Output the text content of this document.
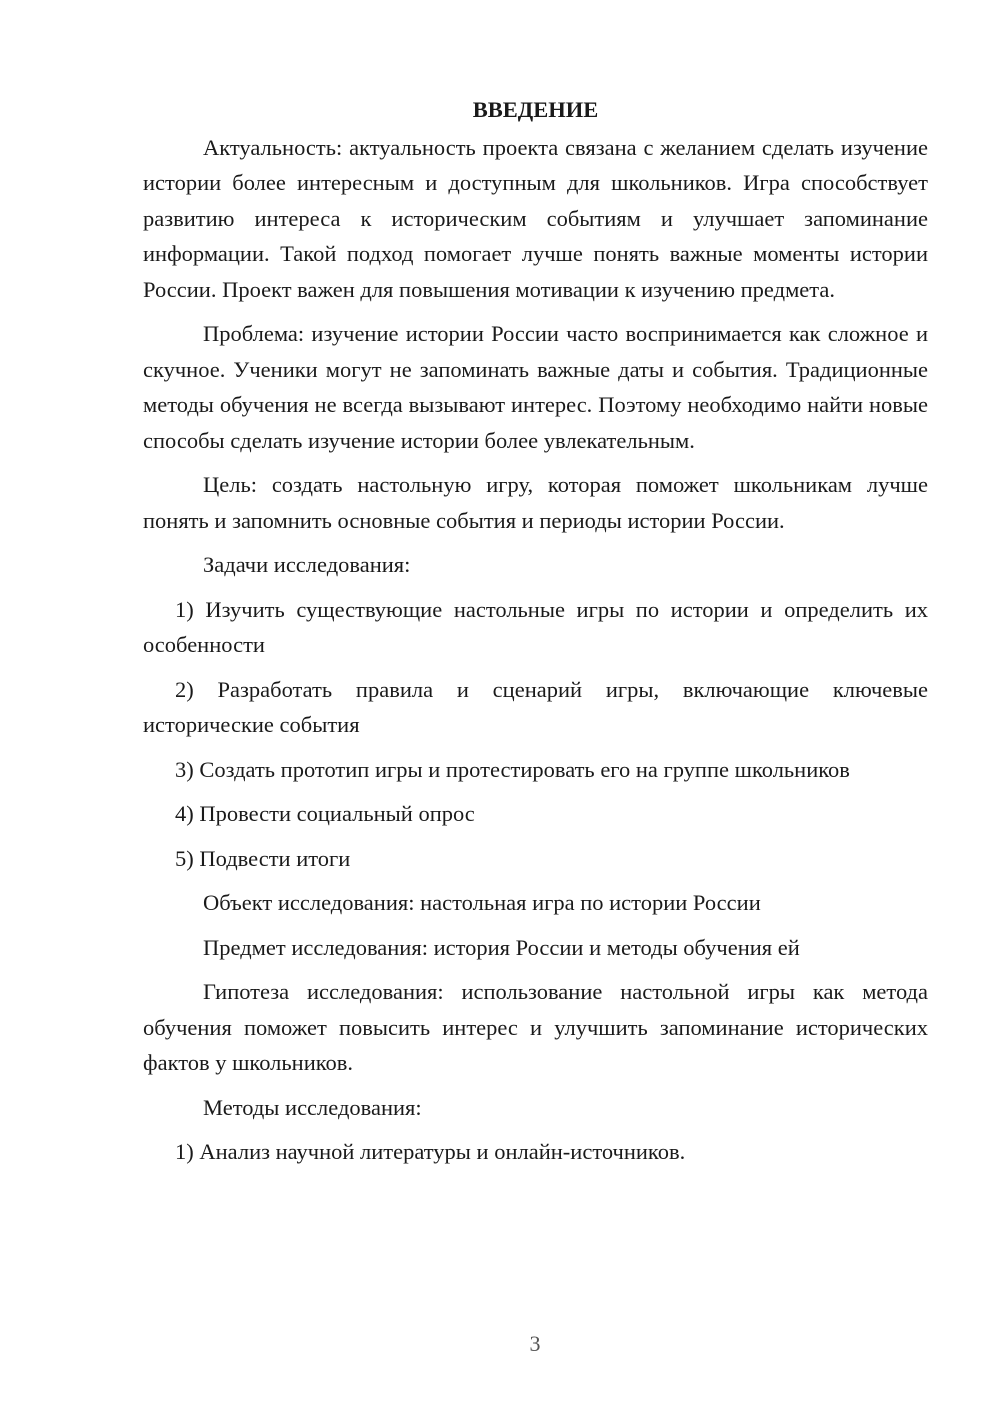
ВВЕДЕНИЕ

Актуальность: актуальность проекта связана с желанием сделать изучение истории более интересным и доступным для школьников. Игра способствует развитию интереса к историческим событиям и улучшает запоминание информации. Такой подход помогает лучше понять важные моменты истории России. Проект важен для повышения мотивации к изучению предмета.

Проблема: изучение истории России часто воспринимается как сложное и скучное. Ученики могут не запоминать важные даты и события. Традиционные методы обучения не всегда вызывают интерес. Поэтому необходимо найти новые способы сделать изучение истории более увлекательным.

Цель: создать настольную игру, которая поможет школьникам лучше понять и запомнить основные события и периоды истории России.

Задачи исследования:

1) Изучить существующие настольные игры по истории и определить их особенности

2) Разработать правила и сценарий игры, включающие ключевые исторические события

3) Создать прототип игры и протестировать его на группе школьников

4) Провести социальный опрос

5) Подвести итоги

Объект исследования: настольная игра по истории России

Предмет исследования: история России и методы обучения ей

Гипотеза исследования: использование настольной игры как метода обучения поможет повысить интерес и улучшить запоминание исторических фактов у школьников.

Методы исследования:

1) Анализ научной литературы и онлайн-источников.

3
